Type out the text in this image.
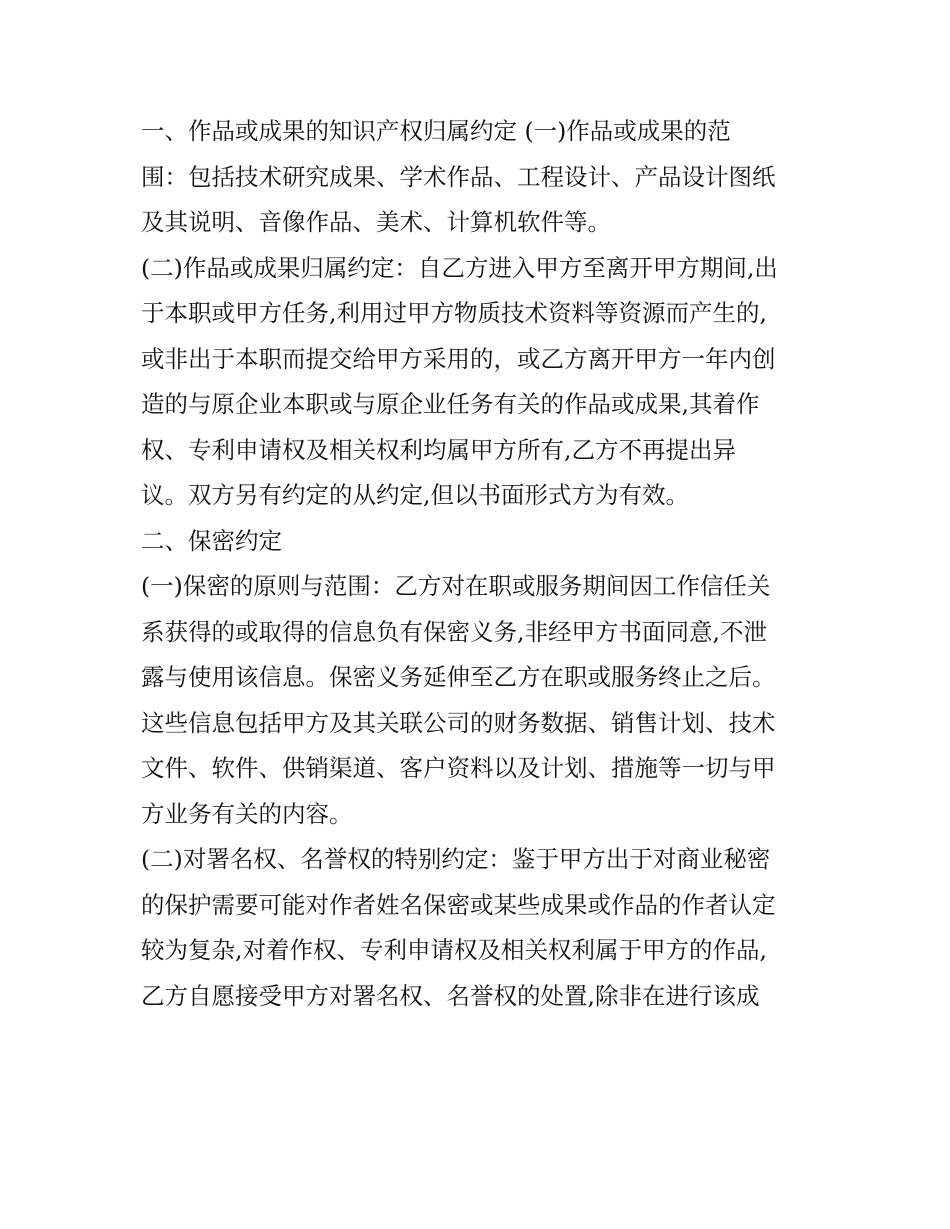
一、作品或成果的知识产权归属约定 (一)作品或成果的范
围：包括技术研究成果、学术作品、工程设计、产品设计图纸
及其说明、音像作品、美术、计算机软件等。
(二)作品或成果归属约定：自乙方进入甲方至离开甲方期间,出
于本职或甲方任务,利用过甲方物质技术资料等资源而产生的,
或非出于本职而提交给甲方采用的，或乙方离开甲方一年内创
造的与原企业本职或与原企业任务有关的作品或成果,其着作
权、专利申请权及相关权利均属甲方所有,乙方不再提出异
议。双方另有约定的从约定,但以书面形式方为有效。
二、保密约定
(一)保密的原则与范围：乙方对在职或服务期间因工作信任关
系获得的或取得的信息负有保密义务,非经甲方书面同意,不泄
露与使用该信息。保密义务延伸至乙方在职或服务终止之后。
这些信息包括甲方及其关联公司的财务数据、销售计划、技术
文件、软件、供销渠道、客户资料以及计划、措施等一切与甲
方业务有关的内容。
(二)对署名权、名誉权的特别约定：鉴于甲方出于对商业秘密
的保护需要可能对作者姓名保密或某些成果或作品的作者认定
较为复杂,对着作权、专利申请权及相关权利属于甲方的作品,
乙方自愿接受甲方对署名权、名誉权的处置,除非在进行该成
